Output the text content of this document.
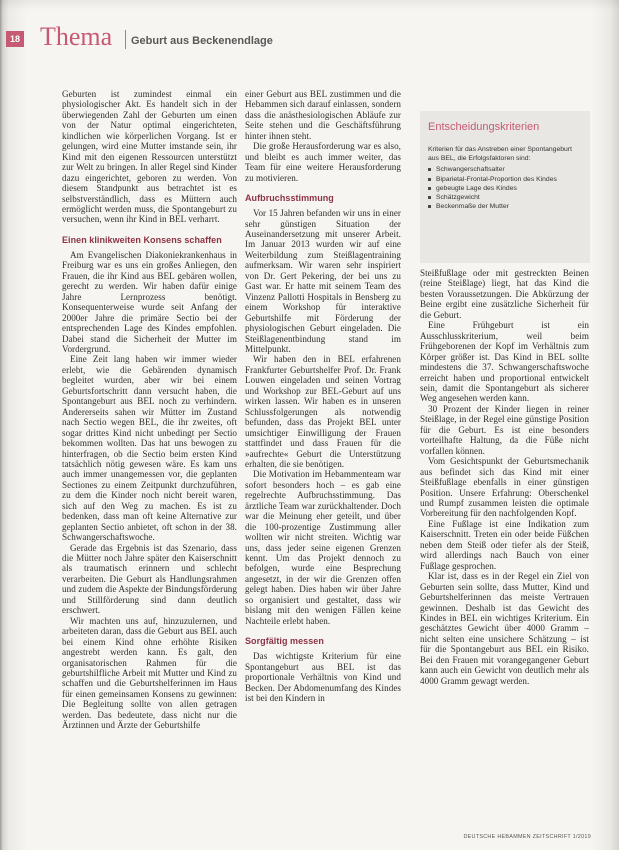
18 Thema Geburt aus Beckenendlage

Geburten ist zumindest einmal ein physiologischer Akt. Es handelt sich in der überwiegenden Zahl der Geburten um einen von der Natur optimal eingerichteten, kindlichen wie körperlichen Vorgang. Ist er gelungen, wird eine Mutter imstande sein, ihr Kind mit den eigenen Ressourcen unterstützt zur Welt zu bringen. In aller Regel sind Kinder dazu eingerichtet, geboren zu werden. Von diesem Standpunkt aus betrachtet ist es selbstverständlich, dass es Müttern auch ermöglicht werden muss, die Spontangeburt zu versuchen, wenn ihr Kind in BEL verharrt.

Einen klinikweiten Konsens schaffen

Am Evangelischen Diakoniekrankenhaus in Freiburg war es uns ein großes Anliegen, den Frauen, die ihr Kind aus BEL gebären wollen, gerecht zu werden. Wir haben dafür einige Jahre Lernprozess benötigt. Konsequenterweise wurde seit Anfang der 2000er Jahre die primäre Sectio bei der entsprechenden Lage des Kindes empfohlen. Dabei stand die Sicherheit der Mutter im Vordergrund.

Eine Zeit lang haben wir immer wieder erlebt, wie die Gebärenden dynamisch begleitet wurden, aber wir bei einem Geburtsfortschritt dann versucht haben, die Spontangeburt aus BEL noch zu verhindern. Andererseits sahen wir Mütter im Zustand nach Sectio wegen BEL, die ihr zweites, oft sogar drittes Kind nicht unbedingt per Sectio bekommen wollten. Das hat uns bewogen zu hinterfragen, ob die Sectio beim ersten Kind tatsächlich nötig gewesen wäre. Es kam uns auch immer unangemessen vor, die geplanten Sectiones zu einem Zeitpunkt durchzuführen, zu dem die Kinder noch nicht bereit waren, sich auf den Weg zu machen. Es ist zu bedenken, dass man oft keine Alternative zur geplanten Sectio anbietet, oft schon in der 38. Schwangerschaftswoche.

Gerade das Ergebnis ist das Szenario, dass die Mütter noch Jahre später den Kaiserschnitt als traumatisch erinnern und schlecht verarbeiten. Die Geburt als Handlungsrahmen und zudem die Aspekte der Bindungsförderung und Stillförderung sind dann deutlich erschwert.

Wir machten uns auf, hinzuzulernen, und arbeiteten daran, dass die Geburt aus BEL auch bei einem Kind ohne erhöhte Risiken angestrebt werden kann. Es galt, den organisatorischen Rahmen für die geburtshilfliche Arbeit mit Mutter und Kind zu schaffen und die Geburtshelferinnen im Haus für einen gemeinsamen Konsens zu gewinnen: Die Begleitung sollte von allen getragen werden. Das bedeutete, dass nicht nur die Ärztinnen und Ärzte der Geburtshilfe

einer Geburt aus BEL zustimmen und die Hebammen sich darauf einlassen, sondern dass die anästhesiologischen Abläufe zur Seite stehen und die Geschäftsführung hinter ihnen steht.

Die große Herausforderung war es also, und bleibt es auch immer weiter, das Team für eine weitere Herausforderung zu motivieren.

Aufbruchsstimmung

Vor 15 Jahren befanden wir uns in einer sehr günstigen Situation der Auseinandersetzung mit unserer Arbeit. Im Januar 2013 wurden wir auf eine Weiterbildung zum Steißlagentraining aufmerksam. Wir waren sehr inspiriert von Dr. Gert Pekering, der bei uns zu Gast war. Er hatte mit seinem Team des Vinzenz Pallotti Hospitals in Bensberg zu einem Workshop für interaktive Geburtshilfe mit Förderung der physiologischen Geburt eingeladen. Die Steißlagenentbindung stand im Mittelpunkt.

Wir haben den in BEL erfahrenen Frankfurter Geburtshelfer Prof. Dr. Frank Louwen eingeladen und seinen Vortrag und Workshop zur BEL-Geburt auf uns wirken lassen. Wir haben es in unseren Schlussfolgerungen als notwendig befunden, dass das Projekt BEL unter umsichtiger Einwilligung der Frauen stattfindet und dass Frauen für die »aufrechte« Geburt die Unterstützung erhalten, die sie benötigen.

Die Motivation im Hebammenteam war sofort besonders hoch – es gab eine regelrechte Aufbruchsstimmung. Das ärztliche Team war zurückhaltender. Doch war die Meinung eher geteilt, und über die 100-prozentige Zustimmung aller wollten wir nicht streiten. Wichtig war uns, dass jeder seine eigenen Grenzen kennt. Um das Projekt dennoch zu befolgen, wurde eine Besprechung angesetzt, in der wir die Grenzen offen gelegt haben. Dies haben wir über Jahre so organisiert und gestaltet, dass wir bislang mit den wenigen Fällen keine Nachteile erlebt haben.

Sorgfältig messen

Das wichtigste Kriterium für eine Spontangeburt aus BEL ist das proportionale Verhältnis von Kind und Becken. Der Abdomenumfang des Kindes ist bei den Kindern in

Entscheidungskriterien
Kriterien für das Anstreben einer Spontangeburt aus BEL, die Erfolgsfaktoren sind:
Schwangerschaftsalter
Biparietal-Frontal-Proportion des Kindes
gebeugte Lage des Kindes
Schätzgewicht
Beckenmaße der Mutter

Steißfußlage oder mit gestreckten Beinen (reine Steißlage) liegt, hat das Kind die besten Voraussetzungen. Die Abkürzung der Beine ergibt eine zusätzliche Sicherheit für die Geburt.

Eine Frühgeburt ist ein Ausschlusskriterium, weil beim Frühgeborenen der Kopf im Verhältnis zum Körper größer ist. Das Kind in BEL sollte mindestens die 37. Schwangerschaftswoche erreicht haben und proportional entwickelt sein, damit die Spontangeburt als sicherer Weg angesehen werden kann.

30 Prozent der Kinder liegen in reiner Steißlage, in der Regel eine günstige Position für die Geburt. Es ist eine besonders vorteilhafte Haltung, da die Füße nicht vorfallen können.

Vom Gesichtspunkt der Geburtsmechanik aus befindet sich das Kind mit einer Steißfußlage ebenfalls in einer günstigen Position. Unsere Erfahrung: Oberschenkel und Rumpf zusammen leisten die optimale Vorbereitung für den nachfolgenden Kopf.

Eine Fußlage ist eine Indikation zum Kaiserschnitt. Treten ein oder beide Füßchen neben dem Steiß oder tiefer als der Steiß, wird allerdings nach Bauch von einer Fußlage gesprochen.

Klar ist, dass es in der Regel ein Ziel von Geburten sein sollte, dass Mutter, Kind und Geburtshelferinnen das meiste Vertrauen gewinnen. Deshalb ist das Gewicht des Kindes in BEL ein wichtiges Kriterium. Ein geschätztes Gewicht über 4000 Gramm – nicht selten eine unsichere Schätzung – ist für die Spontangeburt aus BEL ein Risiko. Bei den Frauen mit vorangegangener Geburt kann auch ein Gewicht von deutlich mehr als 4000 Gramm gewagt werden.

DEUTSCHE HEBAMMEN ZEITSCHRIFT 1/2019
